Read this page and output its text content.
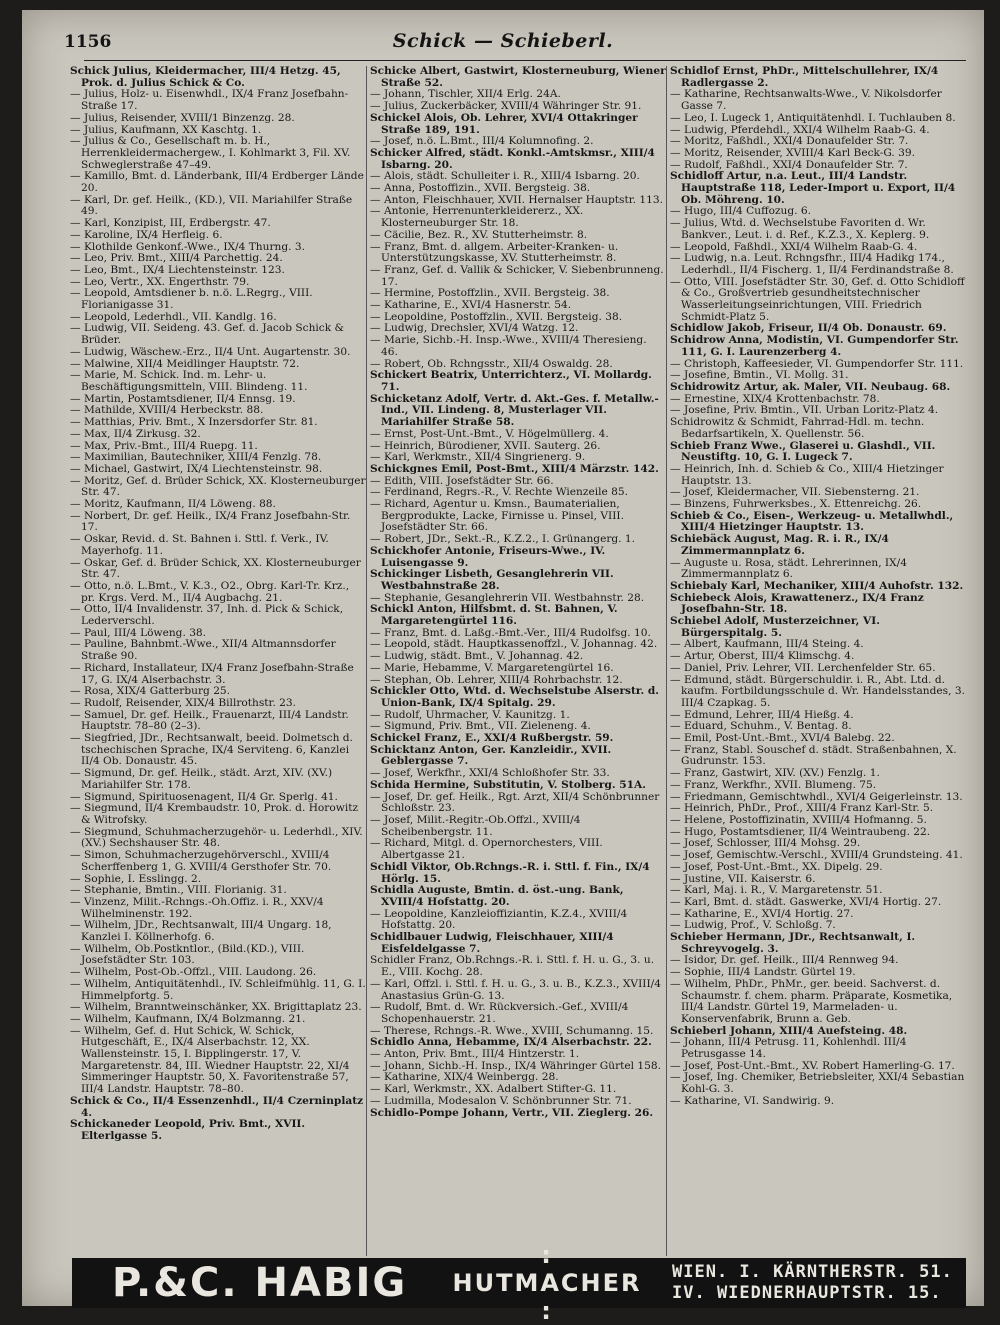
1156	Schick — Schieberl.

Schick Julius, Kleidermacher, III/4 Hetzg. 45, Prok. d. Julius Schick & Co.

— Julius, Holz- u. Eisenwhdl., IX/4 Franz Josefbahn-Straße 17.

— Julius, Reisender, XVIII/1 Binzenzg. 28.

— Julius, Kaufmann, XX Kaschtg. 1.

— Julius & Co., Gesellschaft m. b. H., Herrenkleidermachergew., I. Kohlmarkt 3, Fil. XV. Schweglerstraße 47–49.

— Kamillo, Bmt. d. Länderbank, III/4 Erdberger Lände 20.

— Karl, Dr. gef. Heilk., (KD.), VII. Mariahilfer Straße 49.

— Karl, Konzipist, III, Erdbergstr. 47.

— Karoline, IX/4 Herfleig. 6.

— Klothilde Genkonf.-Wwe., IX/4 Thurng. 3.

— Leo, Priv. Bmt., XIII/4 Parchettig. 24.

— Leo, Bmt., IX/4 Liechtensteinstr. 123.

— Leo, Vertr., XX. Engerthstr. 79.

— Leopold, Amtsdiener b. n.ö. L.Regrg., VIII. Florianigasse 31.

— Leopold, Lederhdl., VII. Kandlg. 16.

— Ludwig, VII. Seideng. 43. Gef. d. Jacob Schick & Brüder.

— Ludwig, Wäschew.-Erz., II/4 Unt. Augartenstr. 30.

— Malwine, XII/4 Meidlinger Hauptstr. 72.

— Marie, M. Schick. Ind. m. Lehr- u. Beschäftigungsmitteln, VIII. Blindeng. 11.

— Martin, Postamtsdiener, II/4 Ennsg. 19.

— Mathilde, XVIII/4 Herbeckstr. 88.

— Matthias, Priv. Bmt., X Inzersdorfer Str. 81.

— Max, II/4 Zirkusg. 32.

— Max, Priv.-Bmt., III/4 Ruepg. 11.

— Maximilian, Bautechniker, XIII/4 Fenzlg. 78.

— Michael, Gastwirt, IX/4 Liechtensteinstr. 98.

— Moritz, Gef. d. Brüder Schick, XX. Klosterneuburger Str. 47.

— Moritz, Kaufmann, II/4 Löweng. 88.

— Norbert, Dr. gef. Heilk., IX/4 Franz Josefbahn-Str. 17.

— Oskar, Revid. d. St. Bahnen i. Sttl. f. Verk., IV. Mayerhofg. 11.

— Oskar, Gef. d. Brüder Schick, XX. Klosterneuburger Str. 47.

— Otto, n.ö. L.Bmt., V. K.3., O2., Obrg. Karl-Tr. Krz., pr. Krgs. Verd. M., II/4 Augbachg. 21.

— Otto, II/4 Invalidenstr. 37, Inh. d. Pick & Schick, Lederverschl.

— Paul, III/4 Löweng. 38.

— Pauline, Bahnbmt.-Wwe., XII/4 Altmannsdorfer Straße 90.

— Richard, Installateur, IX/4 Franz Josefbahn-Straße 17, G. IX/4 Alserbachstr. 3.

— Rosa, XIX/4 Gatterburg 25.

— Rudolf, Reisender, XIX/4 Billrothstr. 23.

— Samuel, Dr. gef. Heilk., Frauenarzt, III/4 Landstr. Hauptstr. 78–80 (2–3).

— Siegfried, JDr., Rechtsanwalt, beeid. Dolmetsch d. tschechischen Sprache, IX/4 Serviteng. 6, Kanzlei II/4 Ob. Donaustr. 45.

— Sigmund, Dr. gef. Heilk., städt. Arzt, XIV. (XV.) Mariahilfer Str. 178.

— Sigmund, Spirituosenagent, II/4 Gr. Sperlg. 41.

— Siegmund, II/4 Krembaudstr. 10, Prok. d. Horowitz & Witrofsky.

— Siegmund, Schuhmacherzugehör- u. Lederhdl., XIV. (XV.) Sechshauser Str. 48.

— Simon, Schuhmacherzugehörverschl., XVIII/4 Scherffenberg 1, G. XVIII/4 Gersthofer Str. 70.

— Sophie, I. Esslingg. 2.

— Stephanie, Bmtin., VIII. Florianig. 31.

— Vinzenz, Milit.-Rchngs.-Oh.Offiz. i. R., XXV/4 Wilhelminenstr. 192.

— Wilhelm, JDr., Rechtsanwalt, III/4 Ungarg. 18, Kanzlei I. Köllnerhofg. 6.

— Wilhelm, Ob.Postkntlor., (Bild.(KD.), VIII. Josefstädter Str. 103.

— Wilhelm, Post-Ob.-Offzl., VIII. Laudong. 26.

— Wilhelm, Antiquitätenhdl., IV. Schleifmühlg. 11, G. I. Himmelpfortg. 5.

— Wilhelm, Branntweinschänker, XX. Brigittaplatz 23.

— Wilhelm, Kaufmann, IX/4 Bolzmanng. 21.

— Wilhelm, Gef. d. Hut Schick, W. Schick, Hutgeschäft, E., IX/4 Alserbachstr. 12, XX. Wallensteinstr. 15, I. Bipplingerstr. 17, V. Margaretenstr. 84, III. Wiedner Hauptstr. 22, XI/4 Simmeringer Hauptstr. 50, X. Favoritenstraße 57, III/4 Landstr. Hauptstr. 78–80.

Schick & Co., II/4 Essenzenhdl., II/4 Czerninplatz 4.

Schickaneder Leopold, Priv. Bmt., XVII. Elterlgasse 5.

Schicke Albert, Gastwirt, Klosterneuburg, Wiener Straße 52.

— Johann, Tischler, XII/4 Erlg. 24A.

— Julius, Zuckerbäcker, XVIII/4 Währinger Str. 91.

Schickel Alois, Ob. Lehrer, XVI/4 Ottakringer Straße 189, 191.

— Josef, n.ö. L.Bmt., III/4 Kolumnofing. 2.

Schicker Alfred, städt. Konkl.-Amtskmsr., XIII/4 Isbarng. 20.

— Alois, städt. Schulleiter i. R., XIII/4 Isbarng. 20.

— Anna, Postoffizin., XVII. Bergsteig. 38.

— Anton, Fleischhauer, XVII. Hernalser Hauptstr. 113.

— Antonie, Herrenunterkleidererz., XX. Klosterneuburger Str. 18.

— Cäcilie, Bez. R., XV. Stutterheimstr. 8.

— Franz, Bmt. d. allgem. Arbeiter-Kranken- u. Unterstützungskasse, XV. Stutterheimstr. 8.

— Franz, Gef. d. Vallik & Schicker, V. Siebenbrunneng. 17.

— Hermine, Postoffzlin., XVII. Bergsteig. 38.

— Katharine, E., XVI/4 Hasnerstr. 54.

— Leopoldine, Postoffzlin., XVII. Bergsteig. 38.

— Ludwig, Drechsler, XVI/4 Watzg. 12.

— Marie, Sichb.-H. Insp.-Wwe., XVIII/4 Theresieng. 46.

— Robert, Ob. Rchngsstr., XII/4 Oswaldg. 28.

Schickert Beatrix, Unterrichterz., VI. Mollardg. 71.

Schicketanz Adolf, Vertr. d. Akt.-Ges. f. Metallw.-Ind., VII. Lindeng. 8, Musterlager VII. Mariahilfer Straße 58.

— Ernst, Post-Unt.-Bmt., V. Högelmüllerg. 4.

— Heinrich, Bürodiener, XVII. Sauterg. 26.

— Karl, Werkmstr., XII/4 Singrienerg. 9.

Schickgnes Emil, Post-Bmt., XIII/4 Märzstr. 142.

— Edith, VIII. Josefstädter Str. 66.

— Ferdinand, Regrs.-R., V. Rechte Wienzeile 85.

— Richard, Agentur u. Kmsn., Baumaterialien, Bergprodukte, Lacke, Firnisse u. Pinsel, VIII. Josefstädter Str. 66.

— Robert, JDr., Sekt.-R., K.Z.2., I. Grünangerg. 1.

Schickhofer Antonie, Friseurs-Wwe., IV. Luisengasse 9.

Schickinger Lisbeth, Gesanglehrerin VII. Westbahnstraße 28.

— Stephanie, Gesanglehrerin VII. Westbahnstr. 28.

Schickl Anton, Hilfsbmt. d. St. Bahnen, V. Margaretengürtel 116.

— Franz, Bmt. d. Laßg.-Bmt.-Ver., III/4 Rudolfsg. 10.

— Leopold, städt. Hauptkassenoffzl., V. Johannag. 42.

— Ludwig, städt. Bmt., V. Johannag. 42.

— Marie, Hebamme, V. Margaretengürtel 16.

— Stephan, Ob. Lehrer, XIII/4 Rohrbachstr. 12.

Schickler Otto, Wtd. d. Wechselstube Alserstr. d. Union-Bank, IX/4 Spitalg. 29.

— Rudolf, Uhrmacher, V. Kaunitzg. 1.

— Sigmund, Priv. Bmt., VII. Zieleneng. 4.

Schickel Franz, E., XXI/4 Rußbergstr. 59.

Schicktanz Anton, Ger. Kanzleidir., XVII. Geblergasse 7.

— Josef, Werkfhr., XXI/4 Schloßhofer Str. 33.

Schida Hermine, Substitutin, V. Stolberg. 51A.

— Josef, Dr. gef. Heilk., Rgt. Arzt, XII/4 Schönbrunner Schloßstr. 23.

— Josef, Milit.-Regitr.-Ob.Offzl., XVIII/4 Scheibenbergstr. 11.

— Richard, Mitgl. d. Opernorchesters, VIII. Albertgasse 21.

Schidl Viktor, Ob.Rchngs.-R. i. Sttl. f. Fin., IX/4 Hörlg. 15.

Schidla Auguste, Bmtin. d. öst.-ung. Bank, XVIII/4 Hofstattg. 20.

— Leopoldine, Kanzleioffiziantin, K.Z.4., XVIII/4 Hofstattg. 20.

Schidlbauer Ludwig, Fleischhauer, XIII/4 Eisfeldelgasse 7.

Schidler Franz, Ob.Rchngs.-R. i. Sttl. f. H. u. G., 3. u. E., VIII. Kochg. 28.

— Karl, Offzl. i. Sttl. f. H. u. G., 3. u. B., K.Z.3., XVIII/4 Anastasius Grün-G. 13.

— Rudolf, Bmt. d. Wr. Rückversich.-Gef., XVIII/4 Schopenhauerstr. 21.

— Therese, Rchngs.-R. Wwe., XVIII, Schumanng. 15.

Schidlo Anna, Hebamme, IX/4 Alserbachstr. 22.

— Anton, Priv. Bmt., III/4 Hintzerstr. 1.

— Johann, Sichb.-H. Insp., IX/4 Währinger Gürtel 158.

— Katharine, XIX/4 Weinbergg. 28.

— Karl, Werkmstr., XX. Adalbert Stifter-G. 11.

— Ludmilla, Modesalon V. Schönbrunner Str. 71.

Schidlo-Pompe Johann, Vertr., VII. Zieglerg. 26.

Schidlof Ernst, PhDr., Mittelschullehrer, IX/4 Radlergasse 2.

— Katharine, Rechtsanwalts-Wwe., V. Nikolsdorfer Gasse 7.

— Leo, I. Lugeck 1, Antiquitätenhdl. I. Tuchlauben 8.

— Ludwig, Pferdehdl., XXI/4 Wilhelm Raab-G. 4.

— Moritz, Faßhdl., XXI/4 Donaufelder Str. 7.

— Moritz, Reisender, XVIII/4 Karl Beck-G. 39.

— Rudolf, Faßhdl., XXI/4 Donaufelder Str. 7.

Schidloff Artur, n.a. Leut., III/4 Landstr. Hauptstraße 118, Leder-Import u. Export, II/4 Ob. Möhreng. 10.

— Hugo, III/4 Cuffozug. 6.

— Julius, Wtd. d. Wechselstube Favoriten d. Wr. Bankver., Leut. i. d. Ref., K.Z.3., X. Keplerg. 9.

— Leopold, Faßhdl., XXI/4 Wilhelm Raab-G. 4.

— Ludwig, n.a. Leut. Rchngsfhr., III/4 Hadikg 174., Lederhdl., II/4 Fischerg. 1, II/4 Ferdinandstraße 8.

— Otto, VIII. Josefstädter Str. 30, Gef. d. Otto Schidloff & Co., Großvertrieb gesundheitstechnischer Wasserleitungseinrichtungen, VIII. Friedrich Schmidt-Platz 5.

Schidlow Jakob, Friseur, II/4 Ob. Donaustr. 69.

Schidrow Anna, Modistin, VI. Gumpendorfer Str. 111, G. I. Laurenzerberg 4.

— Christoph, Kaffeesieder, VI. Gumpendorfer Str. 111.

— Josefine, Bmtin., VI. Mollg. 31.

Schidrowitz Artur, ak. Maler, VII. Neubaug. 68.

— Ernestine, XIX/4 Krottenbachstr. 78.

— Josefine, Priv. Bmtin., VII. Urban Loritz-Platz 4.

Schidrowitz & Schmidt, Fahrrad-Hdl. m. techn. Bedarfsartikeln, X. Quellenstr. 56.

Schieb Franz Wwe., Glaserei u. Glashdl., VII. Neustiftg. 10, G. I. Lugeck 7.

— Heinrich, Inh. d. Schieb & Co., XIII/4 Hietzinger Hauptstr. 13.

— Josef, Kleidermacher, VII. Siebensterng. 21.

— Binzens, Fuhrwerksbes., X. Ettenreichg. 26.

Schieb & Co., Eisen-, Werkzeug- u. Metallwhdl., XIII/4 Hietzinger Hauptstr. 13.

Schiebäck August, Mag. R. i. R., IX/4 Zimmermannplatz 6.

— Auguste u. Rosa, städt. Lehrerinnen, IX/4 Zimmermannplatz 6.

Schiebaly Karl, Mechaniker, XIII/4 Auhofstr. 132.

Schiebeck Alois, Krawattenerz., IX/4 Franz Josefbahn-Str. 18.

Schiebel Adolf, Musterzeichner, VI. Bürgerspitalg. 5.

— Albert, Kaufmann, III/4 Steing. 4.

— Artur, Oberst, III/4 Klimschg. 4.

— Daniel, Priv. Lehrer, VII. Lerchenfelder Str. 65.

— Edmund, städt. Bürgerschuldir. i. R., Abt. Ltd. d. kaufm. Fortbildungsschule d. Wr. Handelsstandes, 3. III/4 Czapkag. 5.

— Edmund, Lehrer, III/4 Hießg. 4.

— Eduard, Schuhm., V. Bentag. 8.

— Emil, Post-Unt.-Bmt., XVI/4 Balebg. 22.

— Franz, Stabl. Souschef d. städt. Straßenbahnen, X. Gudrunstr. 153.

— Franz, Gastwirt, XIV. (XV.) Fenzlg. 1.

— Franz, Werkfhr., XVII. Blumeng. 75.

— Friedmann, Gemischtwhdl., XVI/4 Geigerleinstr. 13.

— Heinrich, PhDr., Prof., XIII/4 Franz Karl-Str. 5.

— Helene, Postoffizinatin, XVIII/4 Hofmanng. 5.

— Hugo, Postamtsdiener, II/4 Weintraubeng. 22.

— Josef, Schlosser, III/4 Mohsg. 29.

— Josef, Gemischtw.-Verschl., XVIII/4 Grundsteing. 41.

— Josef, Post-Unt.-Bmt., XX. Dipelg. 29.

— Justine, VII. Kaiserstr. 6.

— Karl, Maj. i. R., V. Margaretenstr. 51.

— Karl, Bmt. d. städt. Gaswerke, XVI/4 Hortig. 27.

— Katharine, E., XVI/4 Hortig. 27.

— Ludwig, Prof., V. Schloßg. 7.

Schieber Hermann, JDr., Rechtsanwalt, I. Schreyvogelg. 3.

— Isidor, Dr. gef. Heilk., III/4 Rennweg 94.

— Sophie, III/4 Landstr. Gürtel 19.

— Wilhelm, PhDr., PhMr., ger. beeid. Sachverst. d. Schaumstr. f. chem. pharm. Präparate, Kosmetika, III/4 Landstr. Gürtel 19, Marmeladen- u. Konservenfabrik, Brunn a. Geb.

Schieberl Johann, XIII/4 Auefsteing. 48.

— Johann, III/4 Petrusg. 11, Kohlenhdl. III/4 Petrusgasse 14.

— Josef, Post-Unt.-Bmt., XV. Robert Hamerling-G. 17.

— Josef, Ing. Chemiker, Betriebsleiter, XXI/4 Sebastian Kohl-G. 3.

— Katharine, VI. Sandwirig. 9.

P.&C. HABIG
: HUTMACHER :
WIEN. I. KÄRNTHERSTR. 51.
IV. WIEDNERHAUPTSTR. 15.
